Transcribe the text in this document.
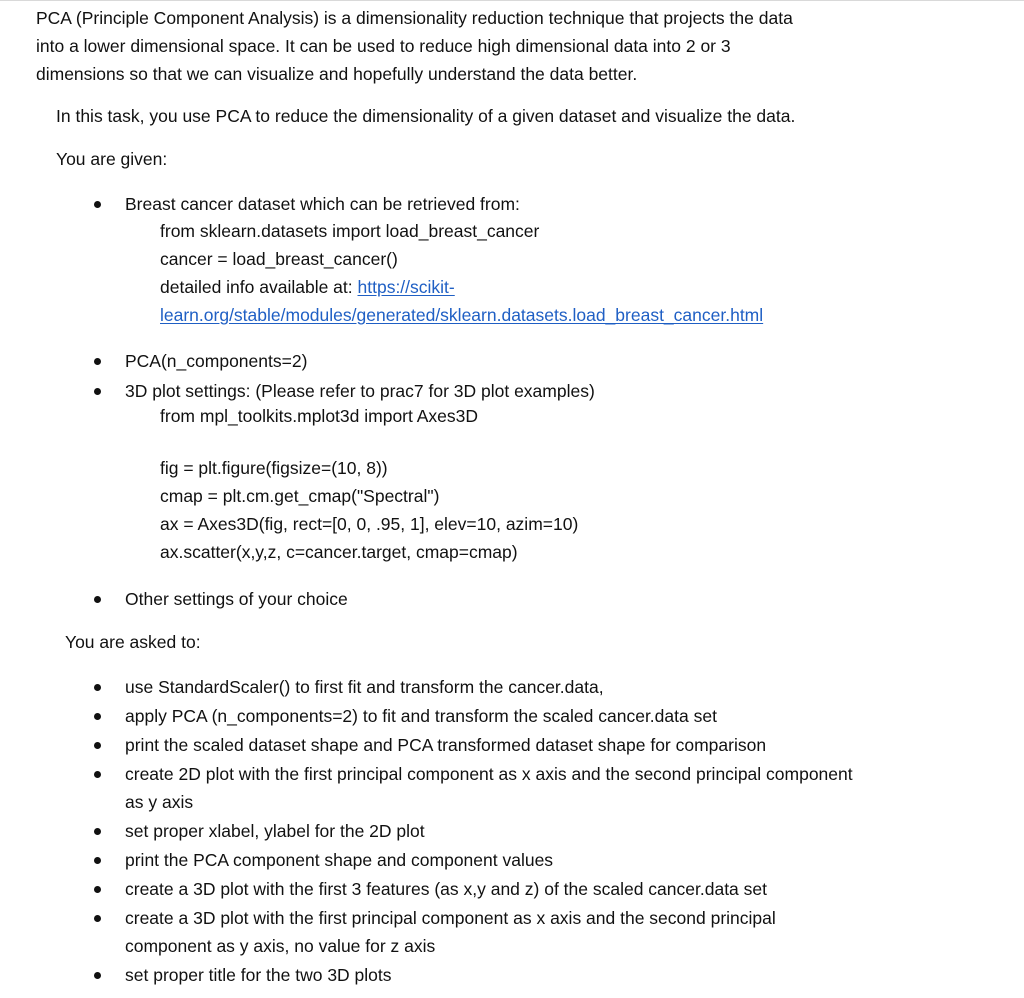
PCA (Principle Component Analysis) is a dimensionality reduction technique that projects the data

into a lower dimensional space. It can be used to reduce high dimensional data into 2 or 3

dimensions so that we can visualize and hopefully understand the data better.

In this task, you use PCA to reduce the dimensionality of a given dataset and visualize the data.

You are given:

Breast cancer dataset which can be retrieved from:
from sklearn.datasets import load_breast_cancer
cancer = load_breast_cancer()
detailed info available at: https://scikit-
learn.org/stable/modules/generated/sklearn.datasets.load_breast_cancer.html
PCA(n_components=2)
3D plot settings: (Please refer to prac7 for 3D plot examples)
from mpl_toolkits.mplot3d import Axes3D
fig = plt.figure(figsize=(10, 8))
cmap = plt.cm.get_cmap("Spectral")
ax = Axes3D(fig, rect=[0, 0, .95, 1], elev=10, azim=10)
ax.scatter(x,y,z, c=cancer.target, cmap=cmap)
Other settings of your choice

You are asked to:

use StandardScaler() to first fit and transform the cancer.data,
apply PCA (n_components=2) to fit and transform the scaled cancer.data set
print the scaled dataset shape and PCA transformed dataset shape for comparison
create 2D plot with the first principal component as x axis and the second principal component as y axis
set proper xlabel, ylabel for the 2D plot
print the PCA component shape and component values
create a 3D plot with the first 3 features (as x,y and z) of the scaled cancer.data set
create a 3D plot with the first principal component as x axis and the second principal component as y axis, no value for z axis
set proper title for the two 3D plots
